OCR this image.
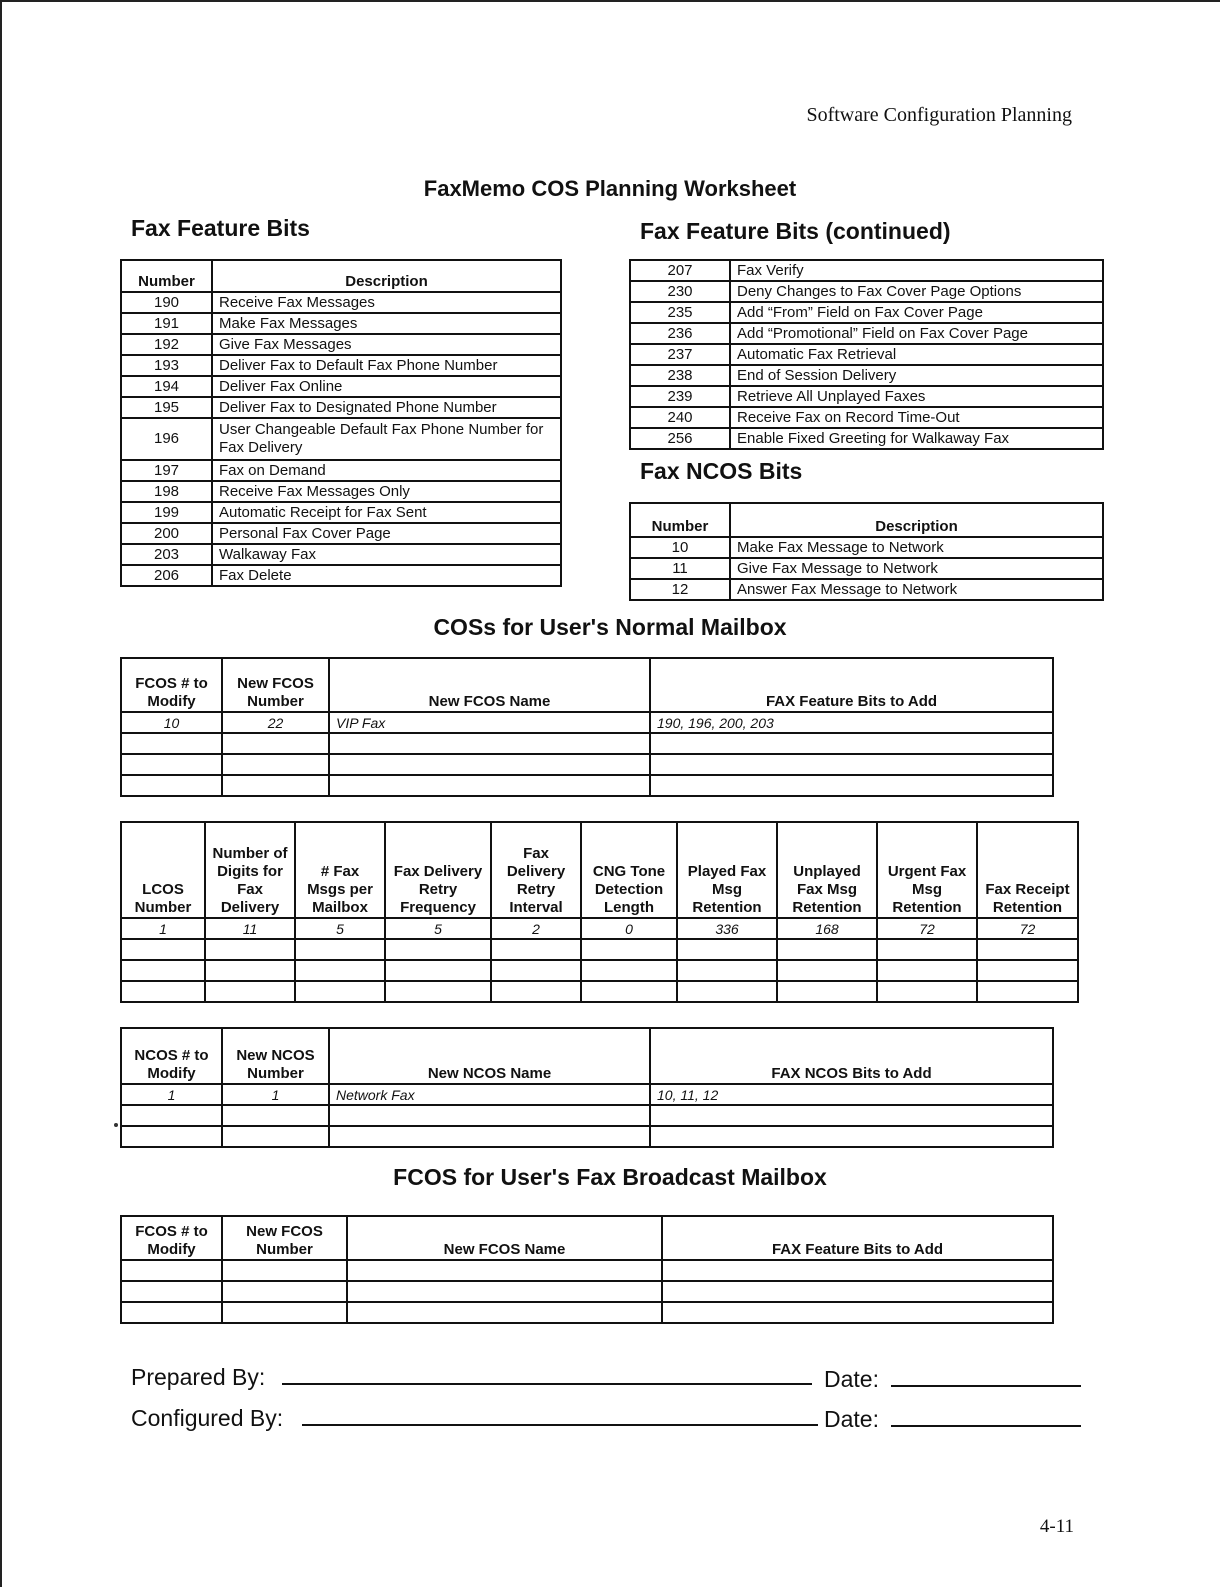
Software Configuration Planning
FaxMemo COS Planning Worksheet
Fax Feature Bits	Fax Feature Bits (continued)
Number	Description
190	Receive Fax Messages
191	Make Fax Messages
192	Give Fax Messages
193	Deliver Fax to Default Fax Phone Number
194	Deliver Fax Online
195	Deliver Fax to Designated Phone Number
196	User Changeable Default Fax Phone Number for Fax Delivery
197	Fax on Demand
198	Receive Fax Messages Only
199	Automatic Receipt for Fax Sent
200	Personal Fax Cover Page
203	Walkaway Fax
206	Fax Delete
207	Fax Verify
230	Deny Changes to Fax Cover Page Options
235	Add “From” Field on Fax Cover Page
236	Add “Promotional” Field on Fax Cover Page
237	Automatic Fax Retrieval
238	End of Session Delivery
239	Retrieve All Unplayed Faxes
240	Receive Fax on Record Time-Out
256	Enable Fixed Greeting for Walkaway Fax
Fax NCOS Bits
Number	Description
10	Make Fax Message to Network
11	Give Fax Message to Network
12	Answer Fax Message to Network
COSs for User's Normal Mailbox
FCOS # to Modify	New FCOS Number	New FCOS Name	FAX Feature Bits to Add
10	22	VIP Fax	190, 196, 200, 203

LCOS Number	Number of Digits for Fax Delivery	# Fax Msgs per Mailbox	Fax Delivery Retry Frequency	Fax Delivery Retry Interval	CNG Tone Detection Length	Played Fax Msg Retention	Unplayed Fax Msg Retention	Urgent Fax Msg Retention	Fax Receipt Retention
1	11	5	5	2	0	336	168	72	72

NCOS # to Modify	New NCOS Number	New NCOS Name	FAX NCOS Bits to Add
1	1	Network Fax	10, 11, 12

FCOS for User's Fax Broadcast Mailbox
FCOS # to Modify	New FCOS Number	New FCOS Name	FAX Feature Bits to Add

Prepared By:	Date:
Configured By:	Date:
4-11
